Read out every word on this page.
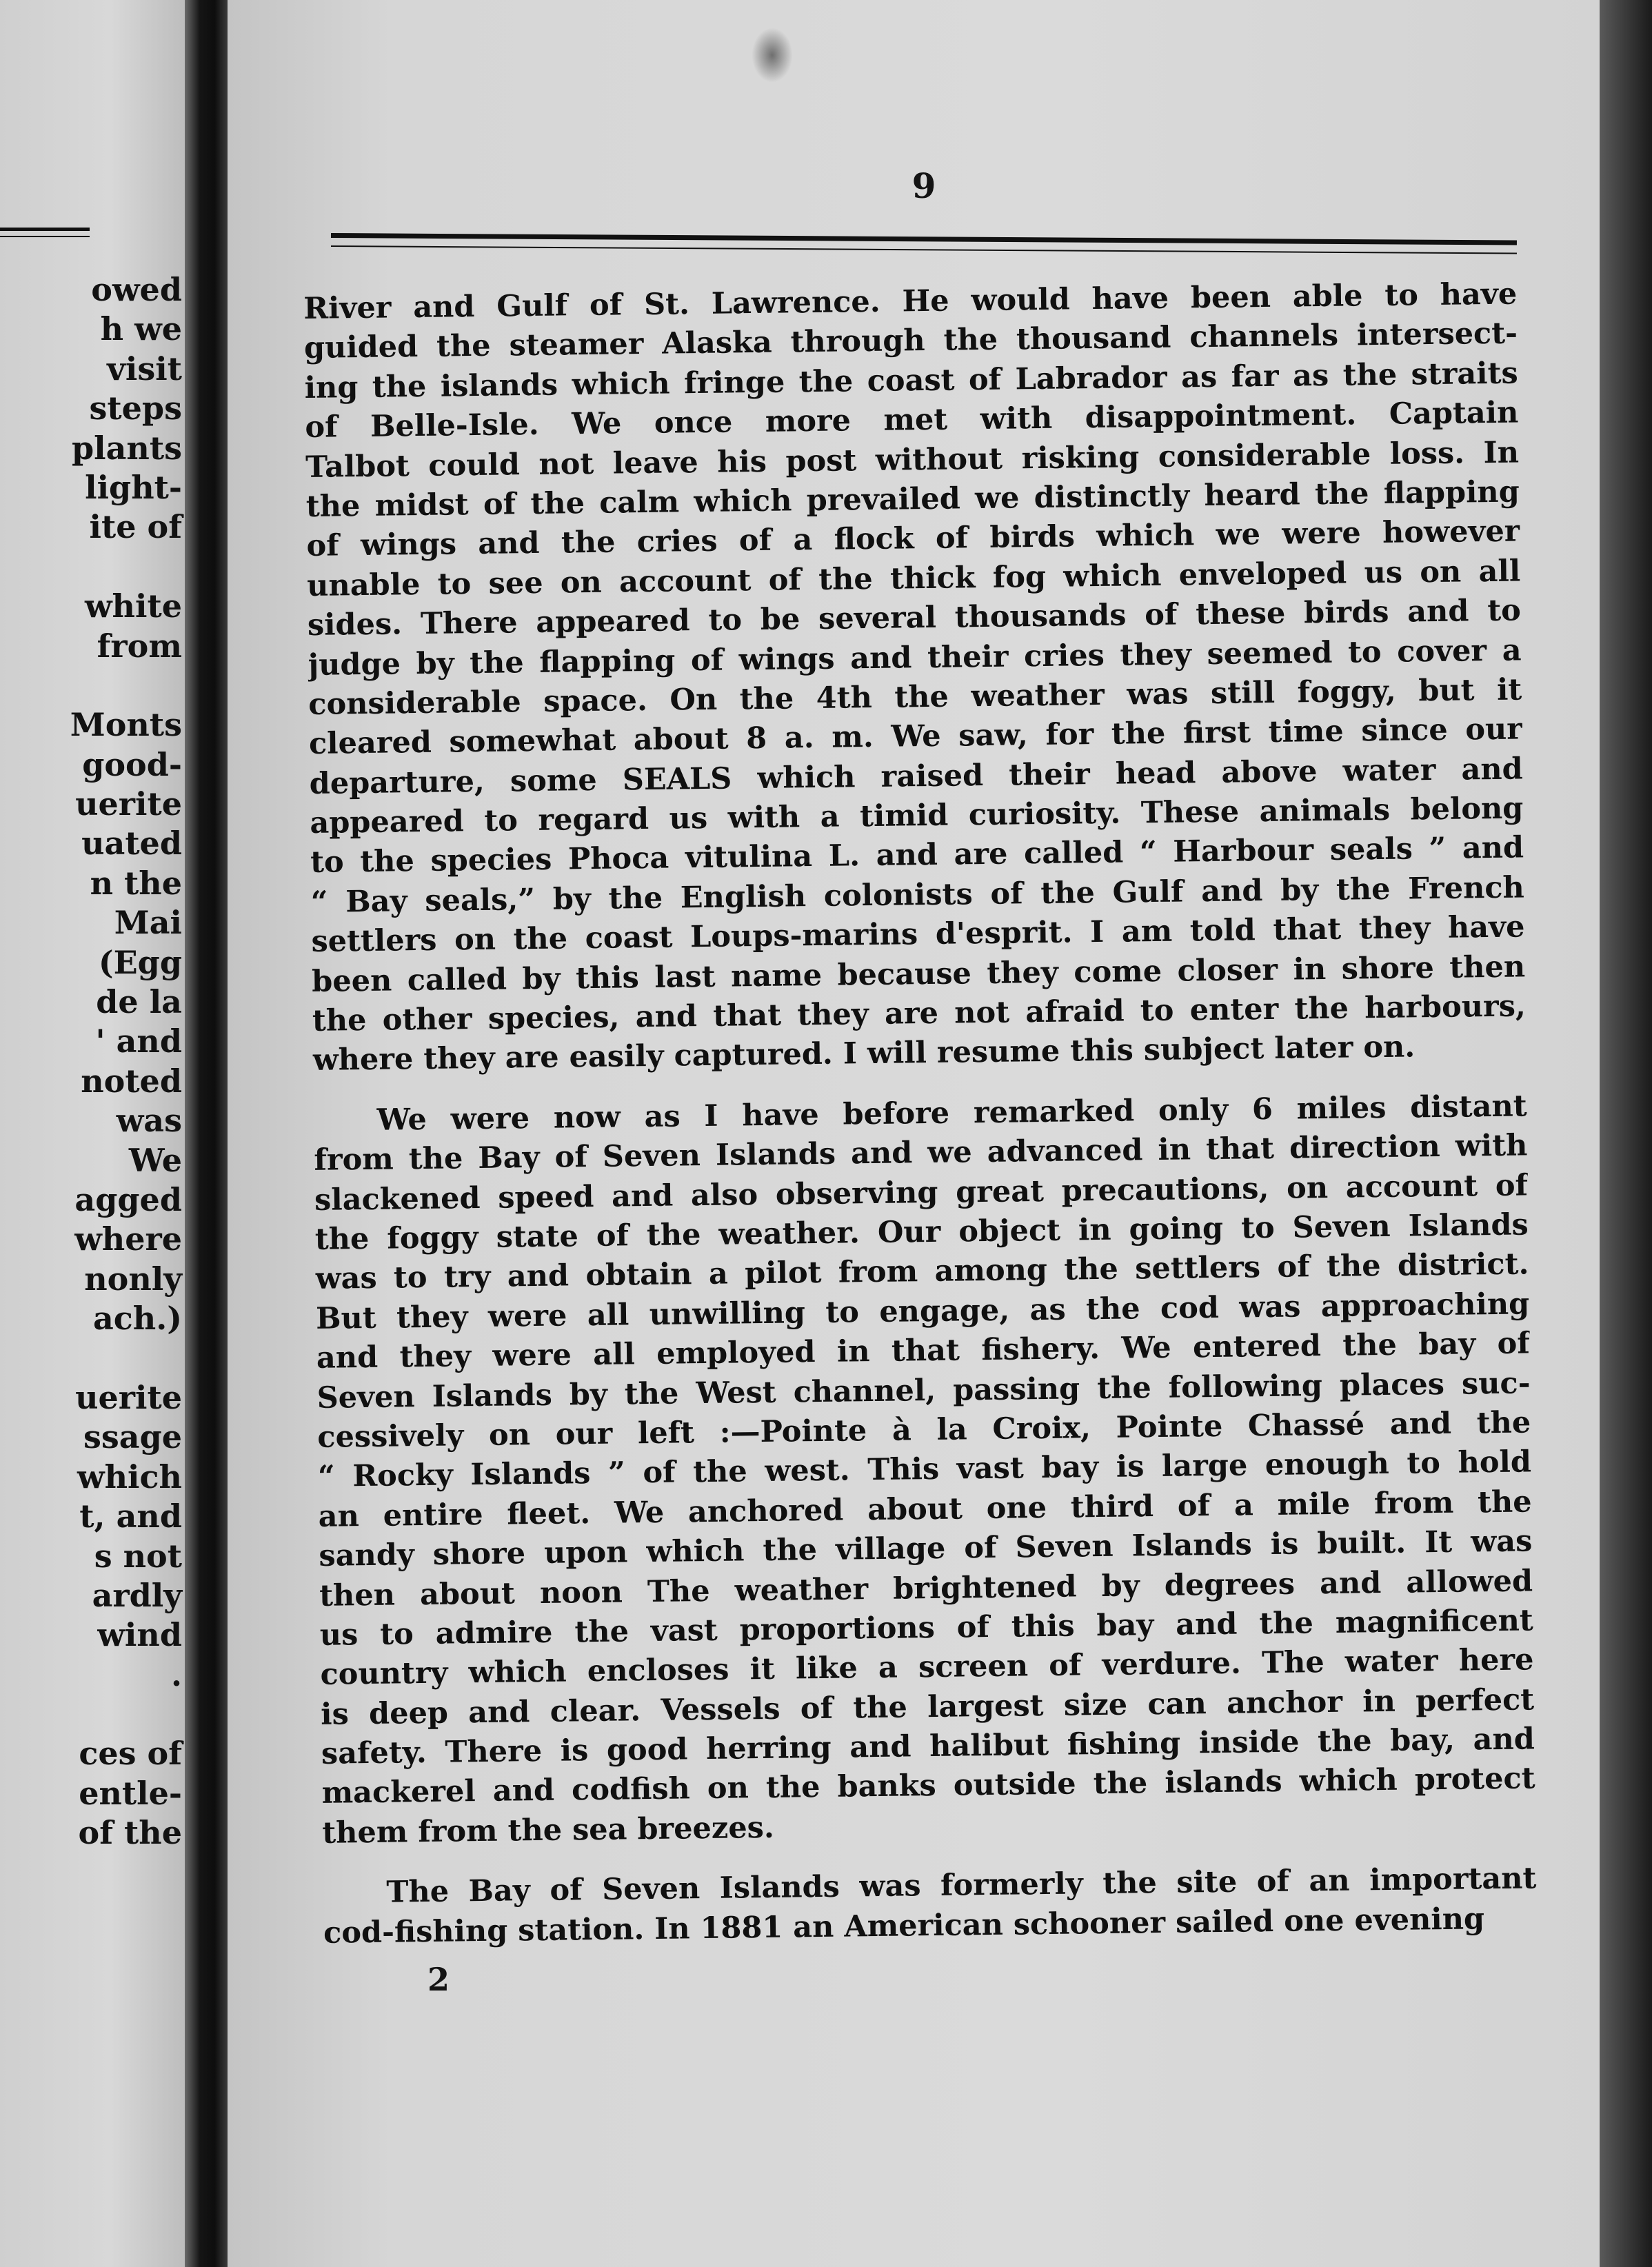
owed
h we
visit
steps
plants
light-
ite of
white
from
Monts
good-
uerite
uated
n the
Mai
(Egg
de la
' and
noted
was
We
agged
where
nonly
ach.)
uerite
ssage
which
t, and
s not
ardly
wind
.
ces of
entle-
of the
9
River and Gulf of St. Lawrence. He would have been able to have
guided the steamer Alaska through the thousand channels intersect-
ing the islands which fringe the coast of Labrador as far as the straits
of Belle-Isle. We once more met with disappointment. Captain
Talbot could not leave his post without risking considerable loss. In
the midst of the calm which prevailed we distinctly heard the flapping
of wings and the cries of a flock of birds which we were however
unable to see on account of the thick fog which enveloped us on all
sides. There appeared to be several thousands of these birds and to
judge by the flapping of wings and their cries they seemed to cover a
considerable space. On the 4th the weather was still foggy, but it
cleared somewhat about 8 a. m. We saw, for the first time since our
departure, some SEALS which raised their head above water and
appeared to regard us with a timid curiosity. These animals belong
to the species Phoca vitulina L. and are called “ Harbour seals ” and
“ Bay seals,” by the English colonists of the Gulf and by the French
settlers on the coast Loups-marins d'esprit. I am told that they have
been called by this last name because they come closer in shore then
the other species, and that they are not afraid to enter the harbours,
where they are easily captured. I will resume this subject later on.
We were now as I have before remarked only 6 miles distant
from the Bay of Seven Islands and we advanced in that direction with
slackened speed and also observing great precautions, on account of
the foggy state of the weather. Our object in going to Seven Islands
was to try and obtain a pilot from among the settlers of the district.
But they were all unwilling to engage, as the cod was approaching
and they were all employed in that fishery. We entered the bay of
Seven Islands by the West channel, passing the following places suc-
cessively on our left :—Pointe à la Croix, Pointe Chassé and the
“ Rocky Islands ” of the west. This vast bay is large enough to hold
an entire fleet. We anchored about one third of a mile from the
sandy shore upon which the village of Seven Islands is built. It was
then about noon The weather brightened by degrees and allowed
us to admire the vast proportions of this bay and the magnificent
country which encloses it like a screen of verdure. The water here
is deep and clear. Vessels of the largest size can anchor in perfect
safety. There is good herring and halibut fishing inside the bay, and
mackerel and codfish on the banks outside the islands which protect
them from the sea breezes.
The Bay of Seven Islands was formerly the site of an important
cod-fishing station. In 1881 an American schooner sailed one evening
2
